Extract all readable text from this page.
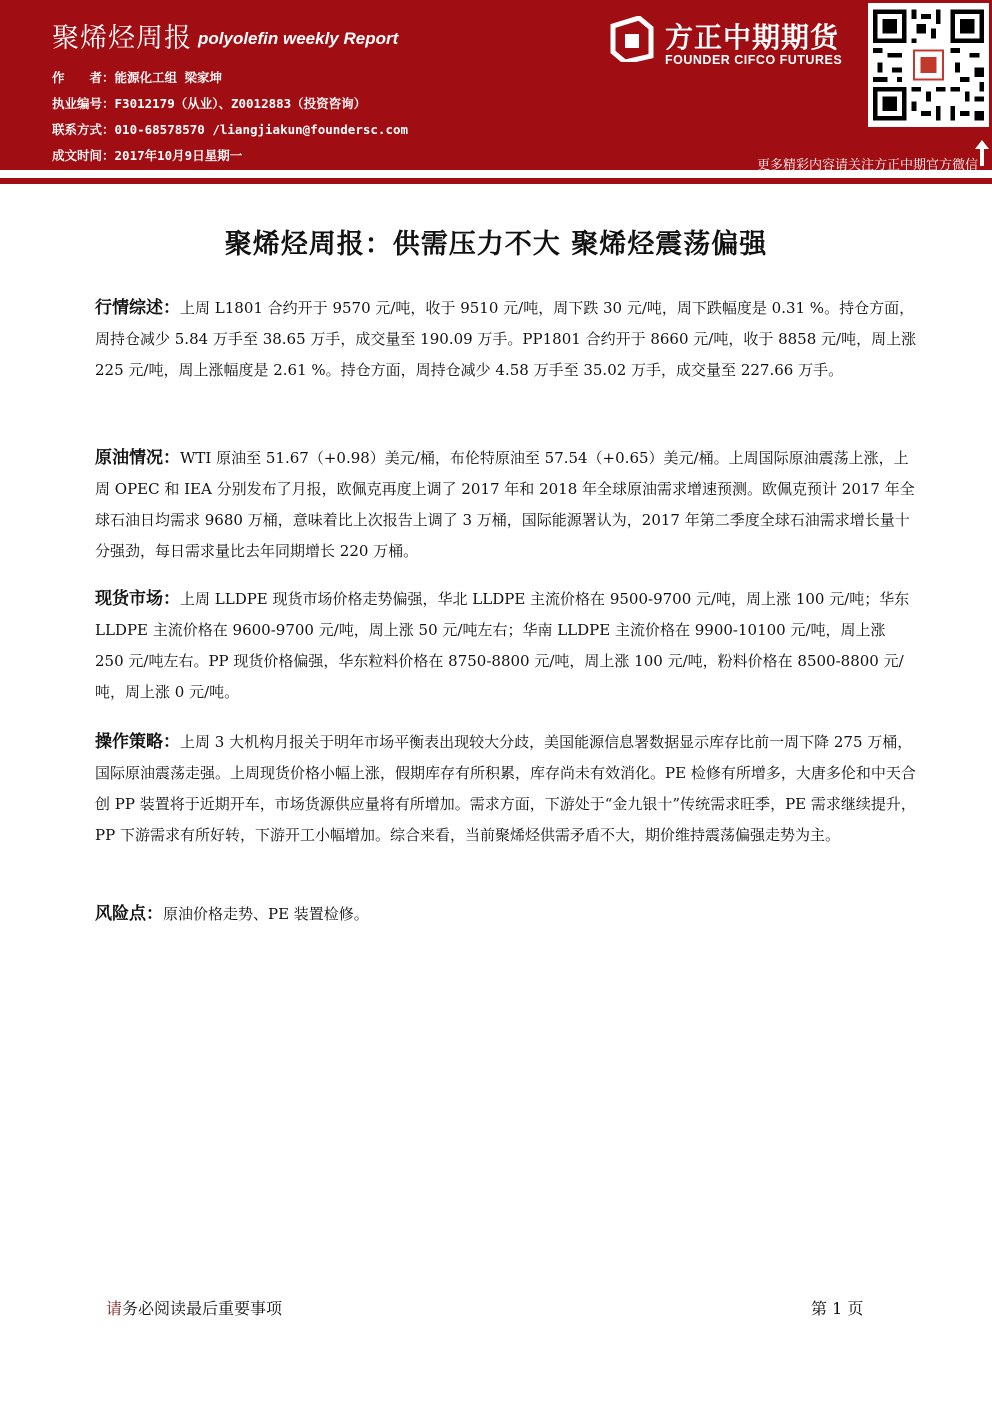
聚烯烃周报 polyolefin weekly Report
作　　者：能源化工组 梁家坤
执业编号：F3012179（从业）、Z0012883（投资咨询）
联系方式：010-68578570 /liangjiakun@foundersc.com
成文时间：2017年10月9日星期一
方正中期期货
FOUNDER CIFCO FUTURES
更多精彩内容请关注方正中期官方微信
聚烯烃周报：供需压力不大 聚烯烃震荡偏强
行情综述：上周 L1801 合约开于 9570 元/吨，收于 9510 元/吨，周下跌 30 元/吨，周下跌幅度是 0.31 %。持仓方面，周持仓减少 5.84 万手至 38.65 万手，成交量至 190.09 万手。PP1801 合约开于 8660 元/吨，收于 8858 元/吨，周上涨 225 元/吨，周上涨幅度是 2.61 %。持仓方面，周持仓减少 4.58 万手至 35.02 万手，成交量至 227.66 万手。
原油情况：WTI 原油至 51.67（+0.98）美元/桶，布伦特原油至 57.54（+0.65）美元/桶。上周国际原油震荡上涨，上周 OPEC 和 IEA 分别发布了月报，欧佩克再度上调了 2017 年和 2018 年全球原油需求增速预测。欧佩克预计 2017 年全球石油日均需求 9680 万桶，意味着比上次报告上调了 3 万桶，国际能源署认为，2017 年第二季度全球石油需求增长量十分强劲，每日需求量比去年同期增长 220 万桶。
现货市场：上周 LLDPE 现货市场价格走势偏强，华北 LLDPE 主流价格在 9500-9700 元/吨，周上涨 100 元/吨；华东 LLDPE 主流价格在 9600-9700 元/吨，周上涨 50 元/吨左右；华南 LLDPE 主流价格在 9900-10100 元/吨，周上涨 250 元/吨左右。PP 现货价格偏强，华东粒料价格在 8750-8800 元/吨，周上涨 100 元/吨，粉料价格在 8500-8800 元/吨，周上涨 0 元/吨。
操作策略：上周 3 大机构月报关于明年市场平衡表出现较大分歧，美国能源信息署数据显示库存比前一周下降 275 万桶，国际原油震荡走强。上周现货价格小幅上涨，假期库存有所积累，库存尚未有效消化。PE 检修有所增多，大唐多伦和中天合创 PP 装置将于近期开车，市场货源供应量将有所增加。需求方面，下游处于“金九银十”传统需求旺季，PE 需求继续提升，PP 下游需求有所好转，下游开工小幅增加。综合来看，当前聚烯烃供需矛盾不大，期价维持震荡偏强走势为主。
风险点：原油价格走势、PE 装置检修。
请务必阅读最后重要事项	第 1 页
